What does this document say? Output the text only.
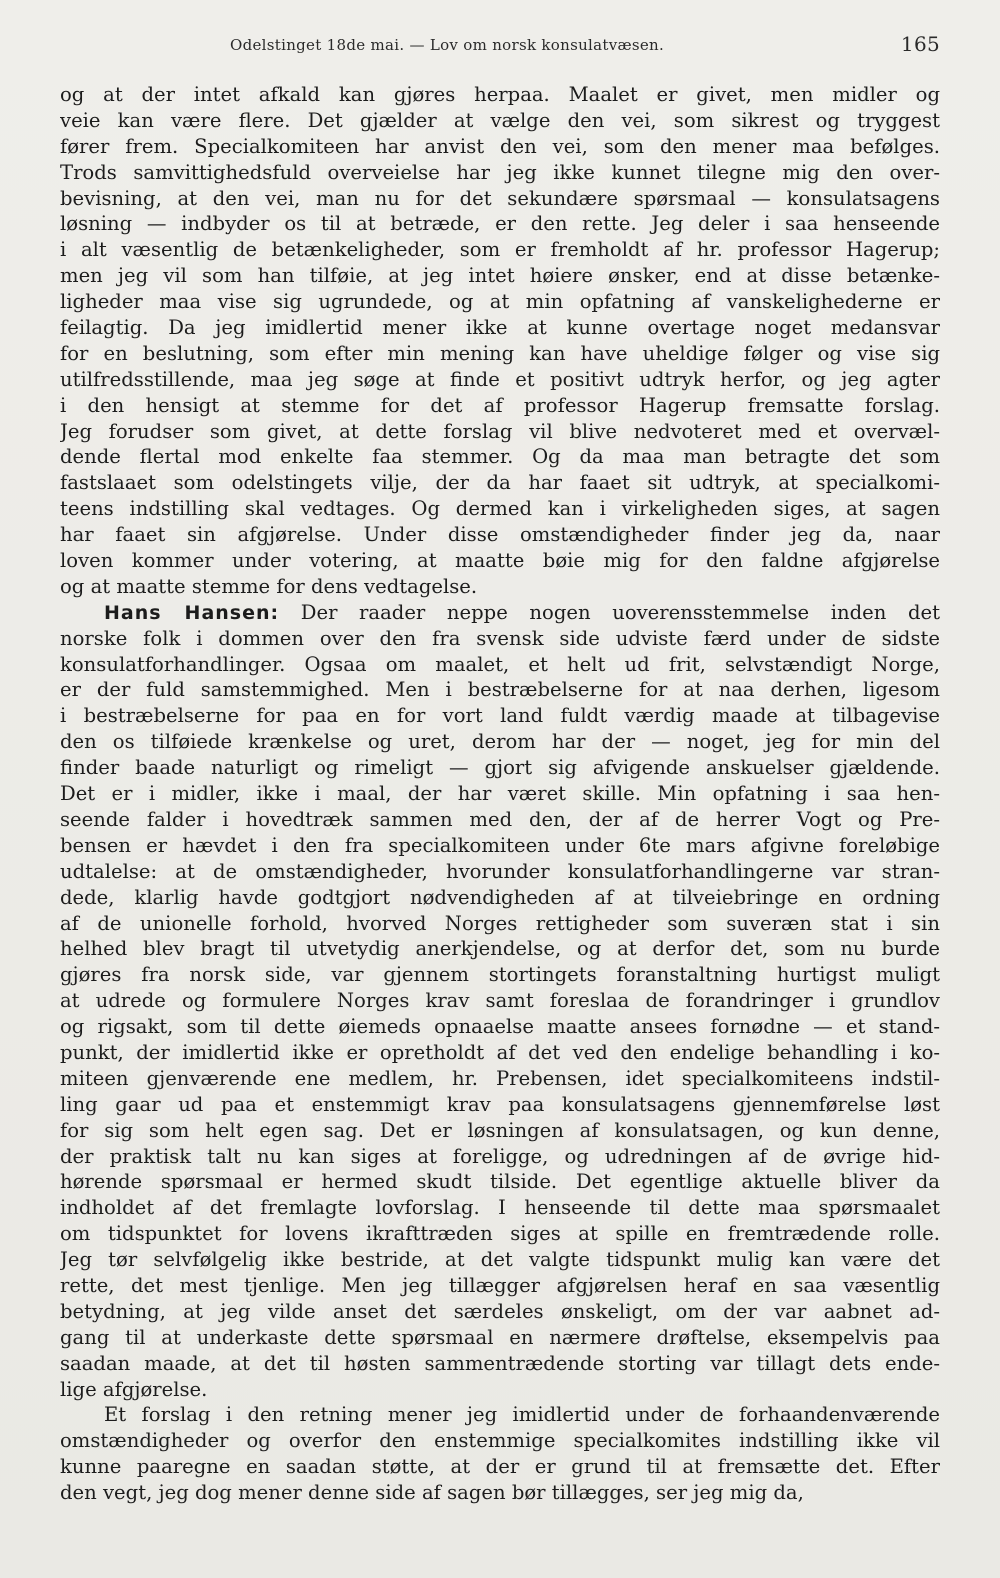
Odelstinget 18de mai. — Lov om norsk konsulatvæsen.	165
og at der intet afkald kan gjøres herpaa. Maalet er givet, men midler og
veie kan være flere. Det gjælder at vælge den vei, som sikrest og tryggest
fører frem. Specialkomiteen har anvist den vei, som den mener maa befølges.
Trods samvittighedsfuld overveielse har jeg ikke kunnet tilegne mig den over-
bevisning, at den vei, man nu for det sekundære spørsmaal — konsulatsagens
løsning — indbyder os til at betræde, er den rette. Jeg deler i saa henseende
i alt væsentlig de betænkeligheder, som er fremholdt af hr. professor Hagerup;
men jeg vil som han tilføie, at jeg intet høiere ønsker, end at disse betænke-
ligheder maa vise sig ugrundede, og at min opfatning af vanskelighederne er
feilagtig. Da jeg imidlertid mener ikke at kunne overtage noget medansvar
for en beslutning, som efter min mening kan have uheldige følger og vise sig
utilfredsstillende, maa jeg søge at finde et positivt udtryk herfor, og jeg agter
i den hensigt at stemme for det af professor Hagerup fremsatte forslag.
Jeg forudser som givet, at dette forslag vil blive nedvoteret med et overvæl-
dende flertal mod enkelte faa stemmer. Og da maa man betragte det som
fastslaaet som odelstingets vilje, der da har faaet sit udtryk, at specialkomi-
teens indstilling skal vedtages. Og dermed kan i virkeligheden siges, at sagen
har faaet sin afgjørelse. Under disse omstændigheder finder jeg da, naar
loven kommer under votering, at maatte bøie mig for den faldne afgjørelse
og at maatte stemme for dens vedtagelse.
Hans Hansen: Der raader neppe nogen uoverensstemmelse inden det
norske folk i dommen over den fra svensk side udviste færd under de sidste
konsulatforhandlinger. Ogsaa om maalet, et helt ud frit, selvstændigt Norge,
er der fuld samstemmighed. Men i bestræbelserne for at naa derhen, ligesom
i bestræbelserne for paa en for vort land fuldt værdig maade at tilbagevise
den os tilføiede krænkelse og uret, derom har der — noget, jeg for min del
finder baade naturligt og rimeligt — gjort sig afvigende anskuelser gjældende.
Det er i midler, ikke i maal, der har været skille. Min opfatning i saa hen-
seende falder i hovedtræk sammen med den, der af de herrer Vogt og Pre-
bensen er hævdet i den fra specialkomiteen under 6te mars afgivne foreløbige
udtalelse: at de omstændigheder, hvorunder konsulatforhandlingerne var stran-
dede, klarlig havde godtgjort nødvendigheden af at tilveiebringe en ordning
af de unionelle forhold, hvorved Norges rettigheder som suveræn stat i sin
helhed blev bragt til utvetydig anerkjendelse, og at derfor det, som nu burde
gjøres fra norsk side, var gjennem stortingets foranstaltning hurtigst muligt
at udrede og formulere Norges krav samt foreslaa de forandringer i grundlov
og rigsakt, som til dette øiemeds opnaaelse maatte ansees fornødne — et stand-
punkt, der imidlertid ikke er opretholdt af det ved den endelige behandling i ko-
miteen gjenværende ene medlem, hr. Prebensen, idet specialkomiteens indstil-
ling gaar ud paa et enstemmigt krav paa konsulatsagens gjennemførelse løst
for sig som helt egen sag. Det er løsningen af konsulatsagen, og kun denne,
der praktisk talt nu kan siges at foreligge, og udredningen af de øvrige hid-
hørende spørsmaal er hermed skudt tilside. Det egentlige aktuelle bliver da
indholdet af det fremlagte lovforslag. I henseende til dette maa spørsmaalet
om tidspunktet for lovens ikrafttræden siges at spille en fremtrædende rolle.
Jeg tør selvfølgelig ikke bestride, at det valgte tidspunkt mulig kan være det
rette, det mest tjenlige. Men jeg tillægger afgjørelsen heraf en saa væsentlig
betydning, at jeg vilde anset det særdeles ønskeligt, om der var aabnet ad-
gang til at underkaste dette spørsmaal en nærmere drøftelse, eksempelvis paa
saadan maade, at det til høsten sammentrædende storting var tillagt dets ende-
lige afgjørelse.
Et forslag i den retning mener jeg imidlertid under de forhaandenværende
omstændigheder og overfor den enstemmige specialkomites indstilling ikke vil
kunne paaregne en saadan støtte, at der er grund til at fremsætte det. Efter
den vegt, jeg dog mener denne side af sagen bør tillægges, ser jeg mig da,
